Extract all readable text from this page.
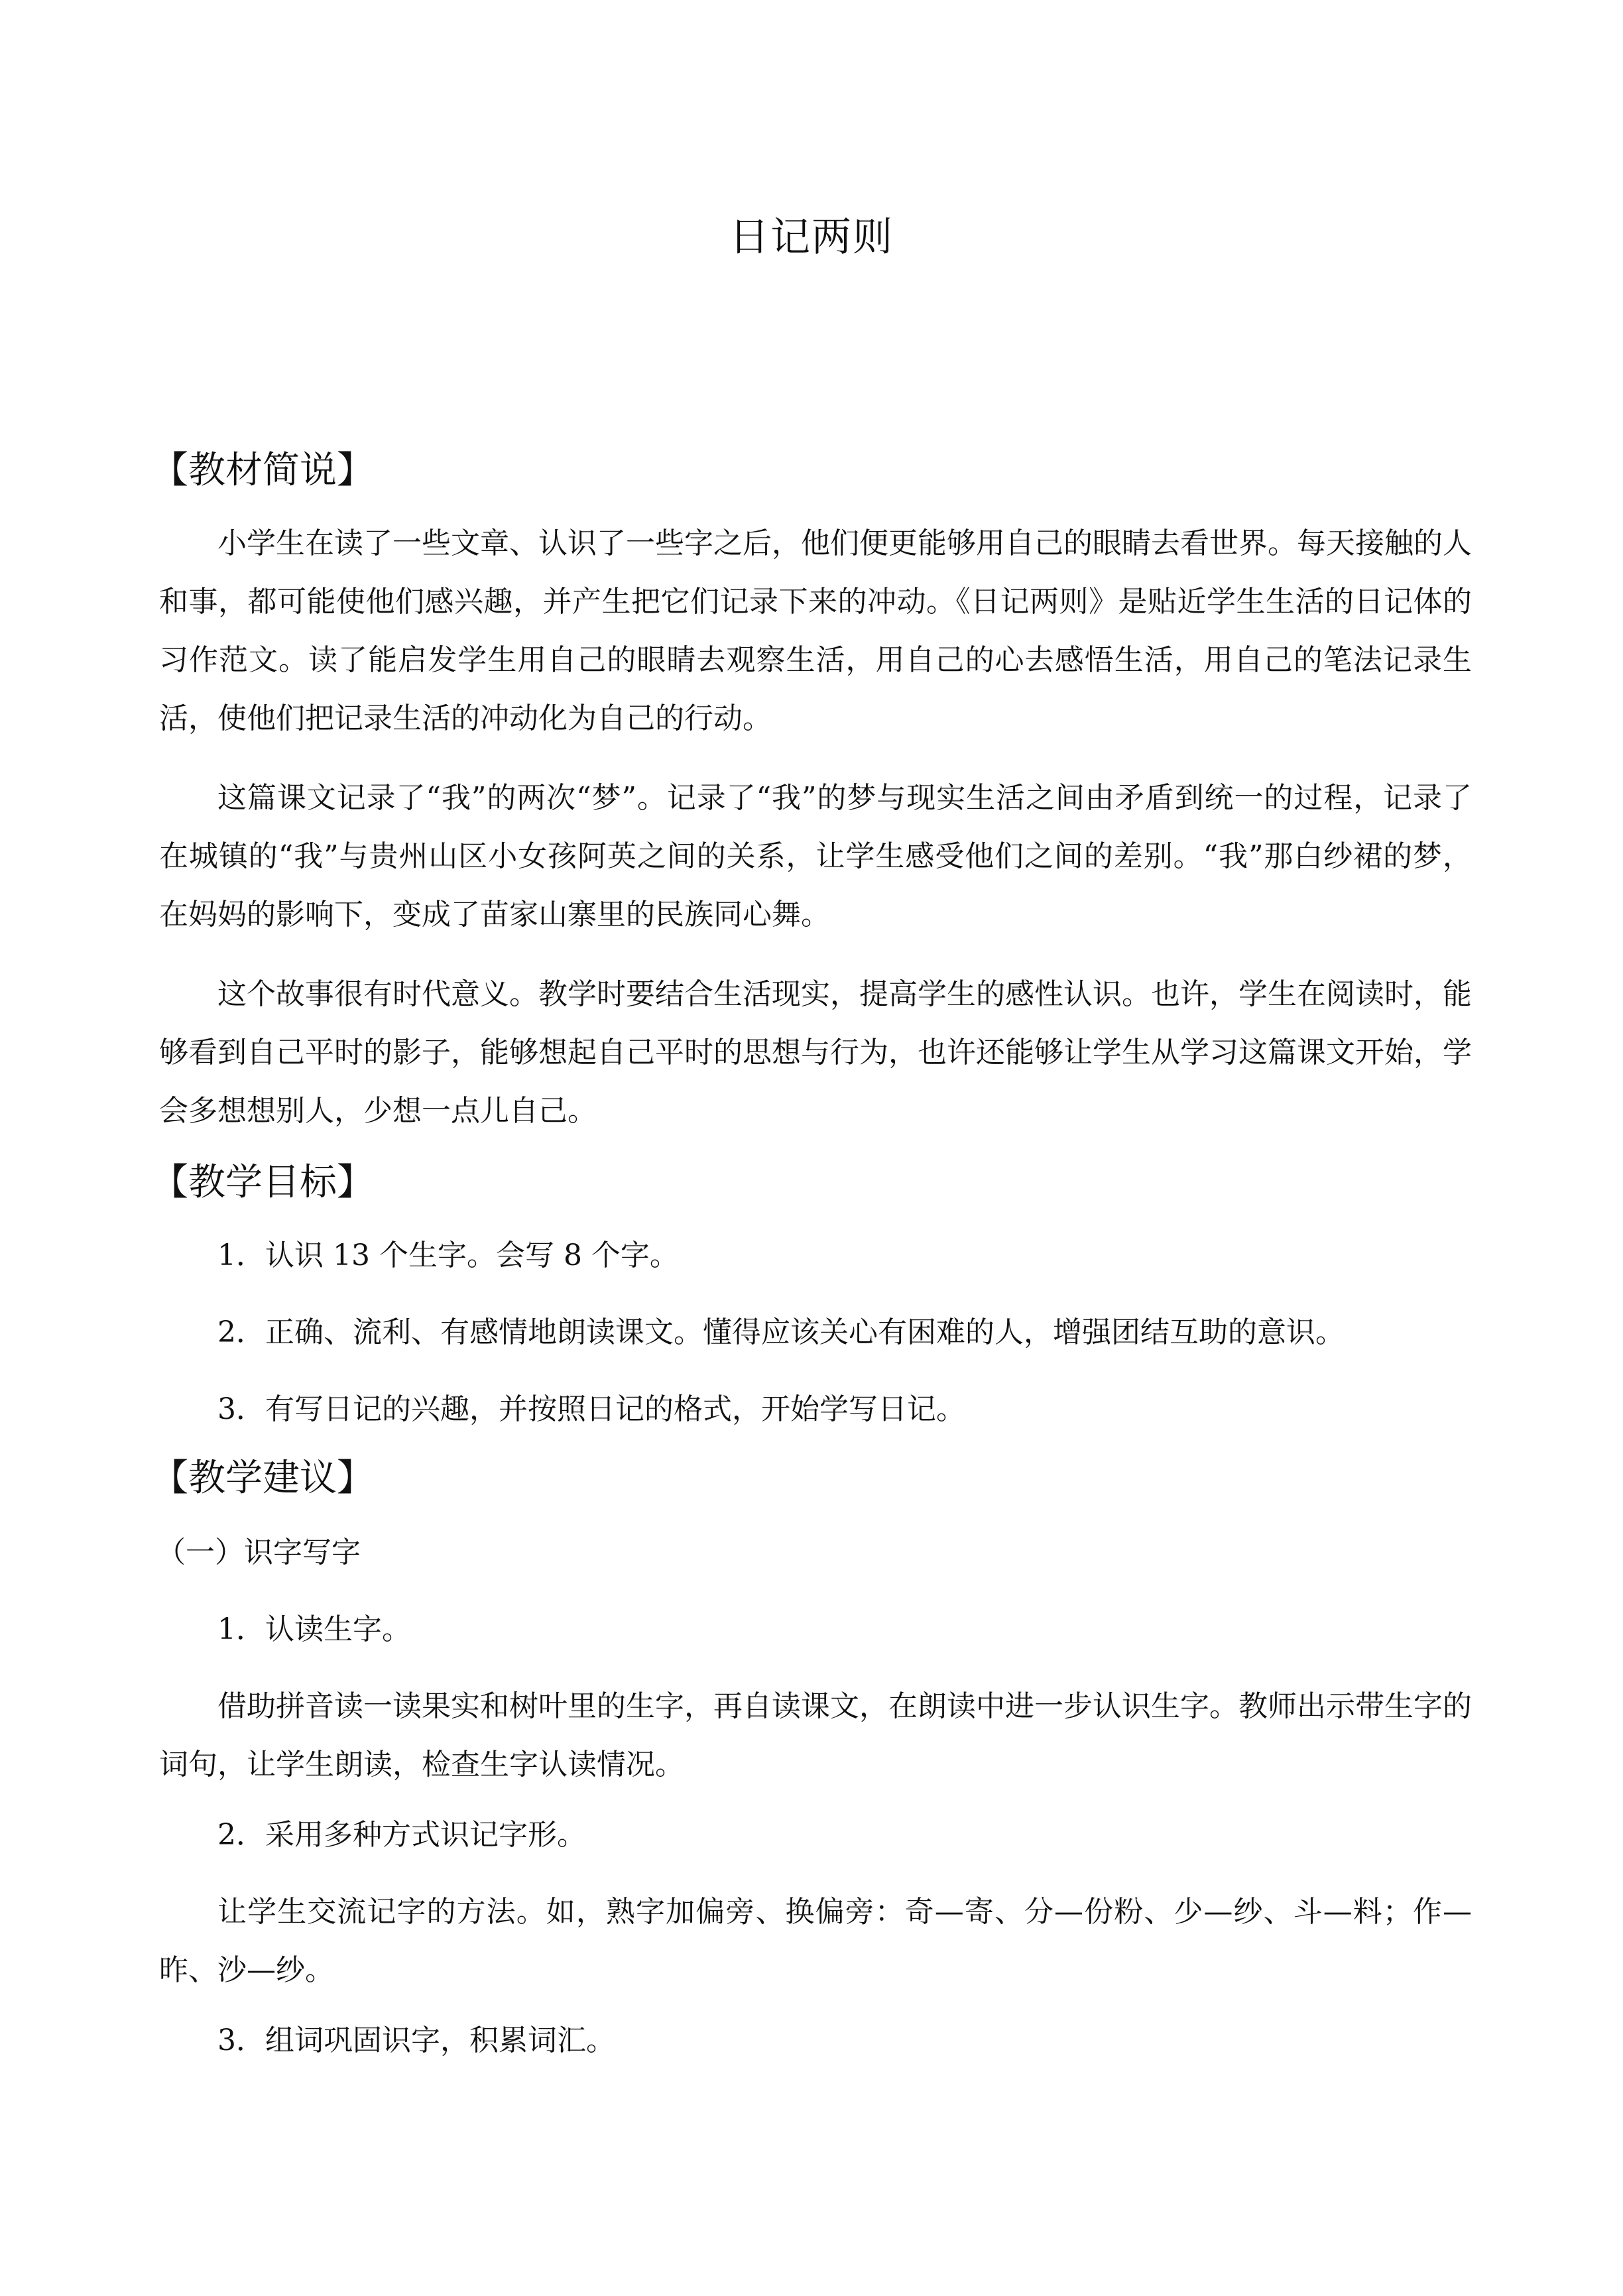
日记两则
【教材简说】

小学生在读了一些文章、认识了一些字之后，他们便更能够用自己的眼睛去看世界。每天接触的人和事，都可能使他们感兴趣，并产生把它们记录下来的冲动。《日记两则》是贴近学生生活的日记体的习作范文。读了能启发学生用自己的眼睛去观察生活，用自己的心去感悟生活，用自己的笔法记录生活，使他们把记录生活的冲动化为自己的行动。

这篇课文记录了“我”的两次“梦”。记录了“我”的梦与现实生活之间由矛盾到统一的过程，记录了在城镇的“我”与贵州山区小女孩阿英之间的关系，让学生感受他们之间的差别。“我”那白纱裙的梦，在妈妈的影响下，变成了苗家山寨里的民族同心舞。

这个故事很有时代意义。教学时要结合生活现实，提高学生的感性认识。也许，学生在阅读时，能够看到自己平时的影子，能够想起自己平时的思想与行为，也许还能够让学生从学习这篇课文开始，学会多想想别人，少想一点儿自己。

【教学目标】
1．认识 13 个生字。会写 8 个字。
2．正确、流利、有感情地朗读课文。懂得应该关心有困难的人，增强团结互助的意识。
3．有写日记的兴趣，并按照日记的格式，开始学写日记。
【教学建议】
（一）识字写字
1．认读生字。

借助拼音读一读果实和树叶里的生字，再自读课文，在朗读中进一步认识生字。教师出示带生字的词句，让学生朗读，检查生字认读情况。

2．采用多种方式识记字形。

让学生交流记字的方法。如，熟字加偏旁、换偏旁：奇—寄、分—份粉、少—纱、斗—料；作—昨、沙—纱。

3．组词巩固识字，积累词汇。
